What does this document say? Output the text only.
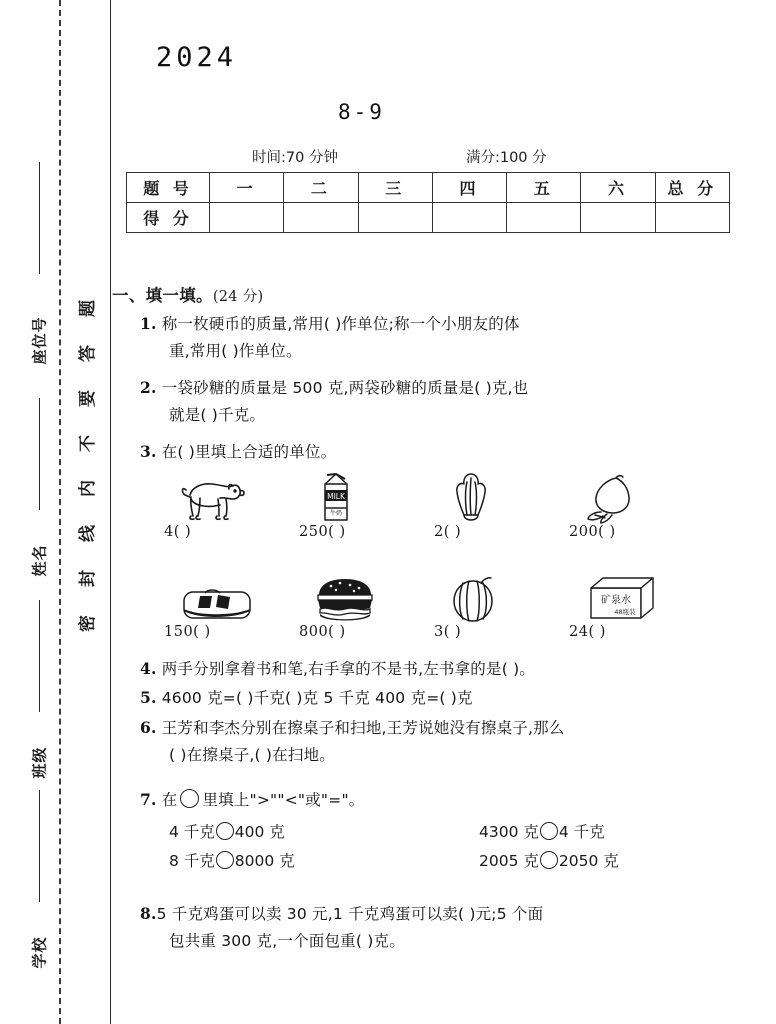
题
答
要
不
内
线
封
密
座位号
姓名
班级
学校
2024
8-9
时间:70 分钟	满分:100 分
题 号	一	二	三	四	五	六	总 分
得 分							
一、填一填。(24 分)
1. 称一枚硬币的质量,常用( )作单位;称一个小朋友的体
重,常用( )作单位。
2. 一袋砂糖的质量是 500 克,两袋砂糖的质量是( )克,也
就是( )千克。
3. 在( )里填上合适的单位。
4( )
MILK
牛奶
250( )	2( )	200( )
150( )	800( )	3( )
矿泉水
48瓶装
24( )
4. 两手分别拿着书和笔,右手拿的不是书,左书拿的是( )。
5. 4600 克=( )千克( )克 5 千克 400 克=( )克
6. 王芳和李杰分别在擦桌子和扫地,王芳说她没有擦桌子,那么
( )在擦桌子,( )在扫地。
7. 在 里填上">""<"或"="。
4 千克 400 克	4300 克 4 千克
8 千克 8000 克	2005 克 2050 克
8.5 千克鸡蛋可以卖 30 元,1 千克鸡蛋可以卖( )元;5 个面
包共重 300 克,一个面包重( )克。
